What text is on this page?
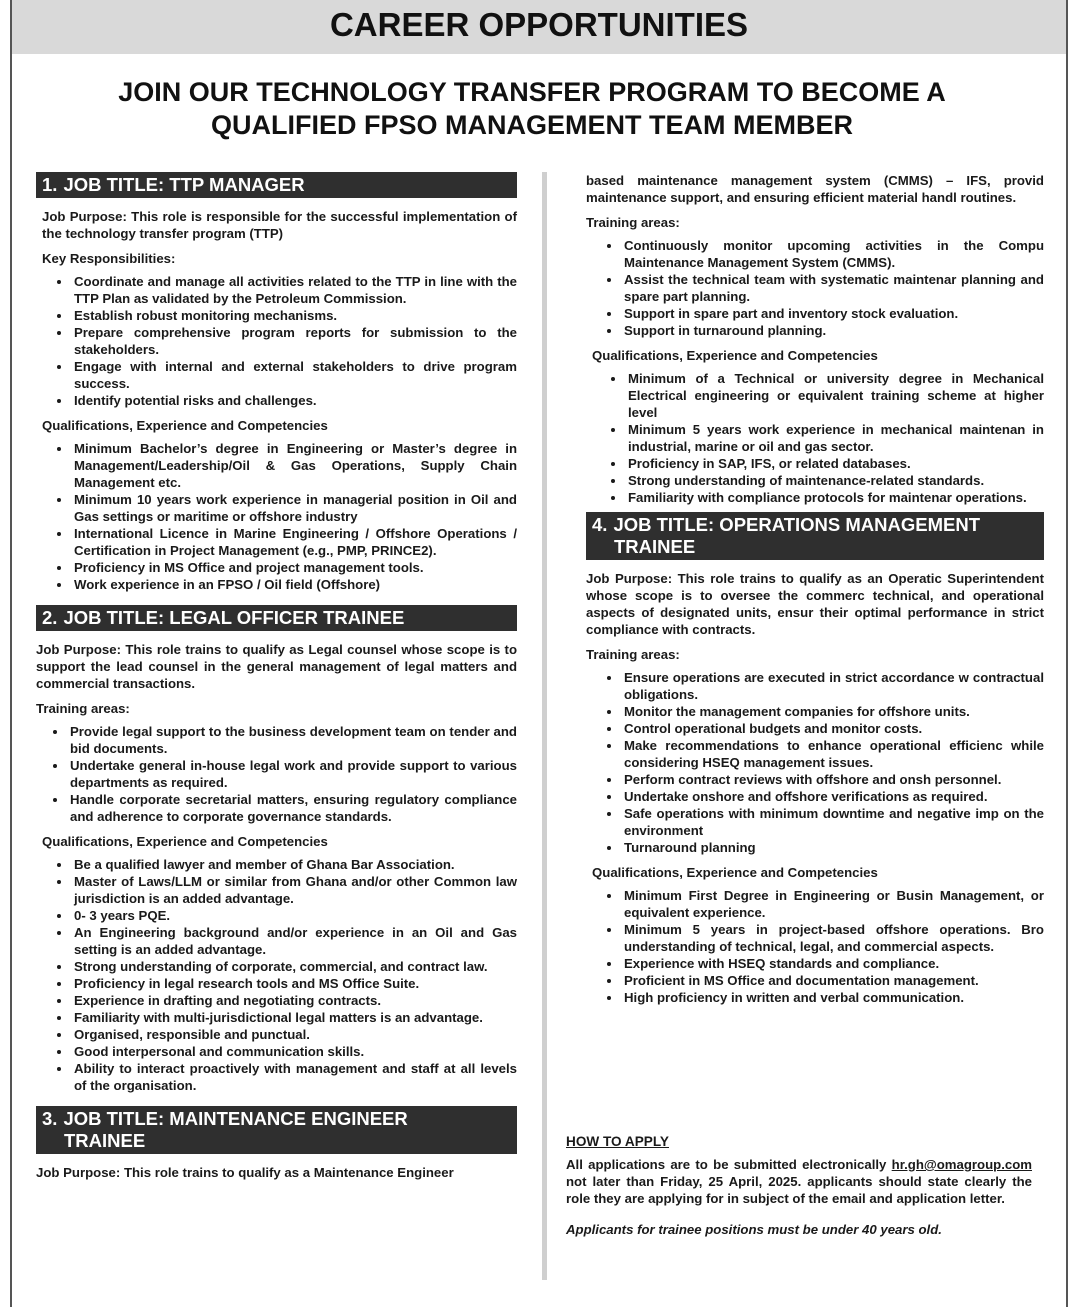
CAREER OPPORTUNITIES
JOIN OUR TECHNOLOGY TRANSFER PROGRAM TO BECOME A
QUALIFIED FPSO MANAGEMENT TEAM MEMBER
1. JOB TITLE: TTP MANAGER
Job Purpose: This role is responsible for the successful implementation of the technology transfer program (TTP)
Key Responsibilities:
• Coordinate and manage all activities related to the TTP in line with the TTP Plan as validated by the Petroleum Commission.
• Establish robust monitoring mechanisms.
• Prepare comprehensive program reports for submission to the stakeholders.
• Engage with internal and external stakeholders to drive program success.
• Identify potential risks and challenges.
Qualifications, Experience and Competencies
• Minimum Bachelor’s degree in Engineering or Master’s degree in Management/Leadership/Oil & Gas Operations, Supply Chain Management etc.
• Minimum 10 years work experience in managerial position in Oil and Gas settings or maritime or offshore industry
• International Licence in Marine Engineering / Offshore Operations / Certification in Project Management (e.g., PMP, PRINCE2).
• Proficiency in MS Office and project management tools.
• Work experience in an FPSO / Oil field (Offshore)
2. JOB TITLE: LEGAL OFFICER TRAINEE
Job Purpose: This role trains to qualify as Legal counsel whose scope is to support the lead counsel in the general management of legal matters and commercial transactions.
Training areas:
• Provide legal support to the business development team on tender and bid documents.
• Undertake general in-house legal work and provide support to various departments as required.
• Handle corporate secretarial matters, ensuring regulatory compliance and adherence to corporate governance standards.
Qualifications, Experience and Competencies
• Be a qualified lawyer and member of Ghana Bar Association.
• Master of Laws/LLM or similar from Ghana and/or other Common law jurisdiction is an added advantage.
• 0- 3 years PQE.
• An Engineering background and/or experience in an Oil and Gas setting is an added advantage.
• Strong understanding of corporate, commercial, and contract law.
• Proficiency in legal research tools and MS Office Suite.
• Experience in drafting and negotiating contracts.
• Familiarity with multi-jurisdictional legal matters is an advantage.
• Organised, responsible and punctual.
• Good interpersonal and communication skills.
• Ability to interact proactively with management and staff at all levels of the organisation.
3. JOB TITLE: MAINTENANCE ENGINEER
TRAINEE
Job Purpose: This role trains to qualify as a Maintenance Engineer
based maintenance management system (CMMS) – IFS, provid maintenance support, and ensuring efficient material handl routines.
Training areas:
• Continuously monitor upcoming activities in the Compu Maintenance Management System (CMMS).
• Assist the technical team with systematic maintenar planning and spare part planning.
• Support in spare part and inventory stock evaluation.
• Support in turnaround planning.
Qualifications, Experience and Competencies
• Minimum of a Technical or university degree in Mechanical Electrical engineering or equivalent training scheme at higher level
• Minimum 5 years work experience in mechanical maintenan in industrial, marine or oil and gas sector.
• Proficiency in SAP, IFS, or related databases.
• Strong understanding of maintenance-related standards.
• Familiarity with compliance protocols for maintenar operations.
4. JOB TITLE: OPERATIONS MANAGEMENT
TRAINEE
Job Purpose: This role trains to qualify as an Operatic Superintendent whose scope is to oversee the commerc technical, and operational aspects of designated units, ensur their optimal performance in strict compliance with contracts.
Training areas:
• Ensure operations are executed in strict accordance w contractual obligations.
• Monitor the management companies for offshore units.
• Control operational budgets and monitor costs.
• Make recommendations to enhance operational efficienc while considering HSEQ management issues.
• Perform contract reviews with offshore and onsh personnel.
• Undertake onshore and offshore verifications as required.
• Safe operations with minimum downtime and negative imp on the environment
• Turnaround planning
Qualifications, Experience and Competencies
• Minimum First Degree in Engineering or Busin Management, or equivalent experience.
• Minimum 5 years in project-based offshore operations. Bro understanding of technical, legal, and commercial aspects.
• Experience with HSEQ standards and compliance.
• Proficient in MS Office and documentation management.
• High proficiency in written and verbal communication.
HOW TO APPLY
All applications are to be submitted electronically hr.gh@omagroup.com not later than Friday, 25 April, 2025. applicants should state clearly the role they are applying for in subject of the email and application letter.
Applicants for trainee positions must be under 40 years old.
